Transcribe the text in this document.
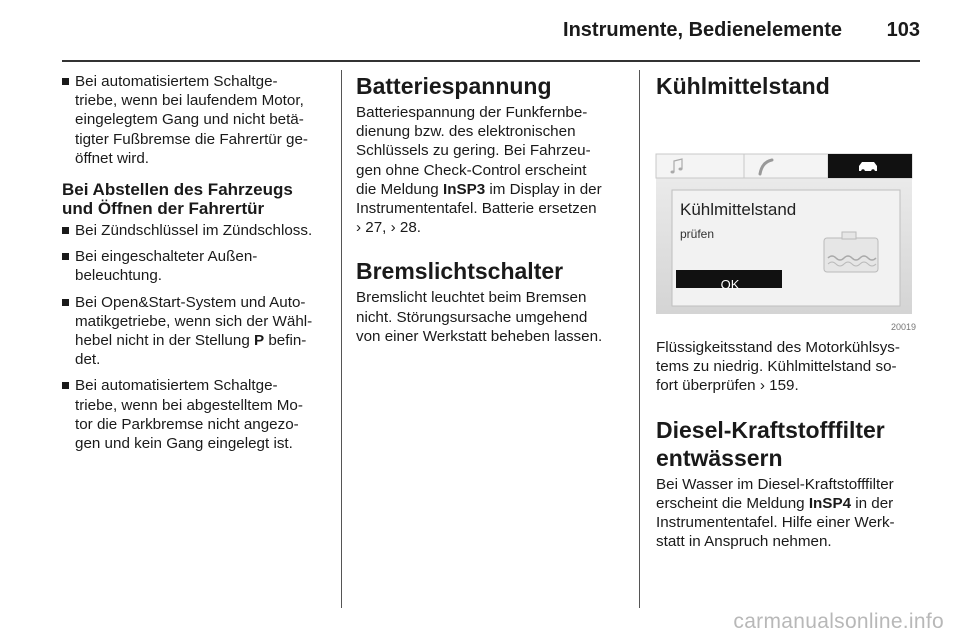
Instrumente, Bedienelemente 103
Bei automatisiertem Schaltge-
triebe, wenn bei laufendem Motor,
eingelegtem Gang und nicht betä-
tigter Fußbremse die Fahrertür ge-
öffnet wird.
Bei Abstellen des Fahrzeugs
und Öffnen der Fahrertür
Bei Zündschlüssel im Zündschloss.
Bei eingeschalteter Außen-
beleuchtung.
Bei Open&Start-System und Auto-
matikgetriebe, wenn sich der Wähl-
hebel nicht in der Stellung P befin-
det.
Bei automatisiertem Schaltge-
triebe, wenn bei abgestelltem Mo-
tor die Parkbremse nicht angezo-
gen und kein Gang eingelegt ist.
Batteriespannung
Batteriespannung der Funkfernbe-
dienung bzw. des elektronischen
Schlüssels zu gering. Bei Fahrzeu-
gen ohne Check-Control erscheint
die Meldung InSP3 im Display in der
Instrumententafel. Batterie ersetzen
› 27, › 28.
Bremslichtschalter
Bremslicht leuchtet beim Bremsen
nicht. Störungsursache umgehend
von einer Werkstatt beheben lassen.
Kühlmittelstand
Kühlmittelstand
prüfen
OK
20019
Flüssigkeitsstand des Motorkühlsys-
tems zu niedrig. Kühlmittelstand so-
fort überprüfen › 159.
Diesel-Kraftstofffilter
entwässern
Bei Wasser im Diesel-Kraftstofffilter
erscheint die Meldung InSP4 in der
Instrumententafel. Hilfe einer Werk-
statt in Anspruch nehmen.
carmanualsonline.info
